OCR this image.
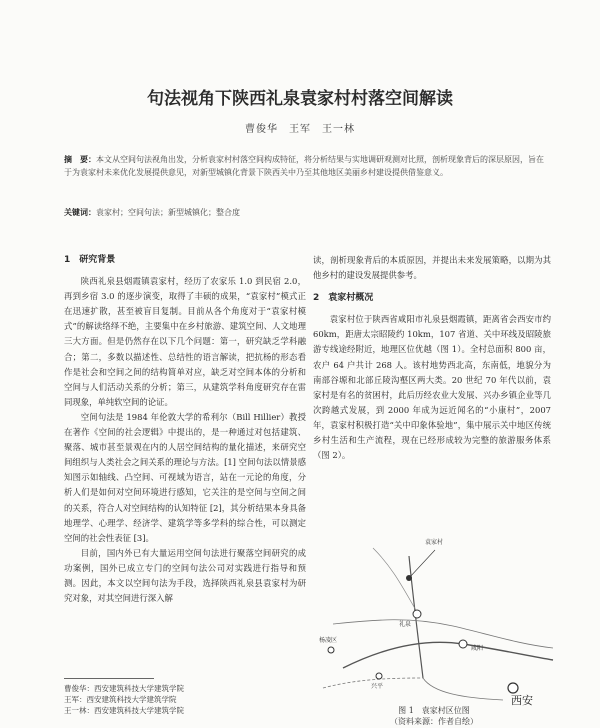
句法视角下陕西礼泉袁家村村落空间解读
曹俊华　王军　王一林
摘　要：本文从空间句法视角出发，分析袁家村村落空间构成特征，将分析结果与实地调研观测对比照，剖析现象背后的深层原因，旨在于为袁家村未来优化发展提供意见，对新型城镇化背景下陕西关中乃至其他地区美丽乡村建设提供借鉴意义。
关键词：袁家村；空间句法；新型城镇化；整合度
1　研究背景

陕西礼泉县烟霞镇袁家村，经历了农家乐 1.0 到民宿 2.0，再到乡宿 3.0 的逐步演变，取得了丰硕的成果，“袁家村”模式正在迅速扩散，甚至被盲目复制。目前从各个角度对于“袁家村模式”的解读络绎不绝，主要集中在乡村旅游、建筑空间、人文地理三大方面。但是仍然存在以下几个问题：第一，研究缺乏学科融合；第二，多数以描述性、总结性的语言解读，把抗杨的形态看作是社会和空间之间的结构简单对应，缺乏对空间本体的分析和空间与人们活动关系的分析；第三，从建筑学科角度研究存在雷同现象，单纯软空间的论证。

空间句法是 1984 年伦敦大学的希利尔（Bill Hillier）教授在著作《空间的社会逻辑》中提出的，是一种通过对包括建筑、聚落、城市甚至景观在内的人居空间结构的量化描述，来研究空间组织与人类社会之间关系的理论与方法。[1] 空间句法以情景感知图示如轴线、凸空间、可视域为语言，站在一元论的角度，分析人们是如何对空间环境进行感知，它关注的是空间与空间之间的关系，符合人对空间结构的认知特征 [2]，其分析结果本身具备地理学、心理学、经济学、建筑学等多学科的综合性，可以测定空间的社会性表征 [3]。

目前，国内外已有大量运用空间句法进行聚落空间研究的成功案例，国外已成立专门的空间句法公司对实践进行指导和预测。因此，本文以空间句法为手段，选择陕西礼泉县袁家村为研究对象，对其空间进行深入解

读，剖析现象背后的本质原因，并提出未来发展策略，以期为其他乡村的建设发展提供参考。

2　袁家村概况

袁家村位于陕西省咸阳市礼泉县烟霞镇，距离省会西安市约 60km，距唐太宗昭陵约 10km，107 省道、关中环线及昭陵旅游专线途经附近，地理区位优越（图 1）。全村总面积 800 亩，农户 64 户共计 268 人。该村地势西北高，东南低，地貌分为南部谷塬和北部丘陵沟壑区两大类。20 世纪 70 年代以前，袁家村是有名的贫困村，此后历经农业大发展、兴办乡镇企业等几次跨越式发展，到 2000 年成为远近闻名的“小康村”，2007 年，袁家村积极打造“关中印象体验地”，集中展示关中地区传统乡村生活和生产流程，现在已经形成较为完整的旅游服务体系（图 2）。

袁家村
礼泉
咸阳
西安
兴平
杨凌区
图 1　袁家村区位图
（资料来源：作者自绘）
曹俊华：西安建筑科技大学建筑学院
王军：西安建筑科技大学建筑学院
王一林：西安建筑科技大学建筑学院
